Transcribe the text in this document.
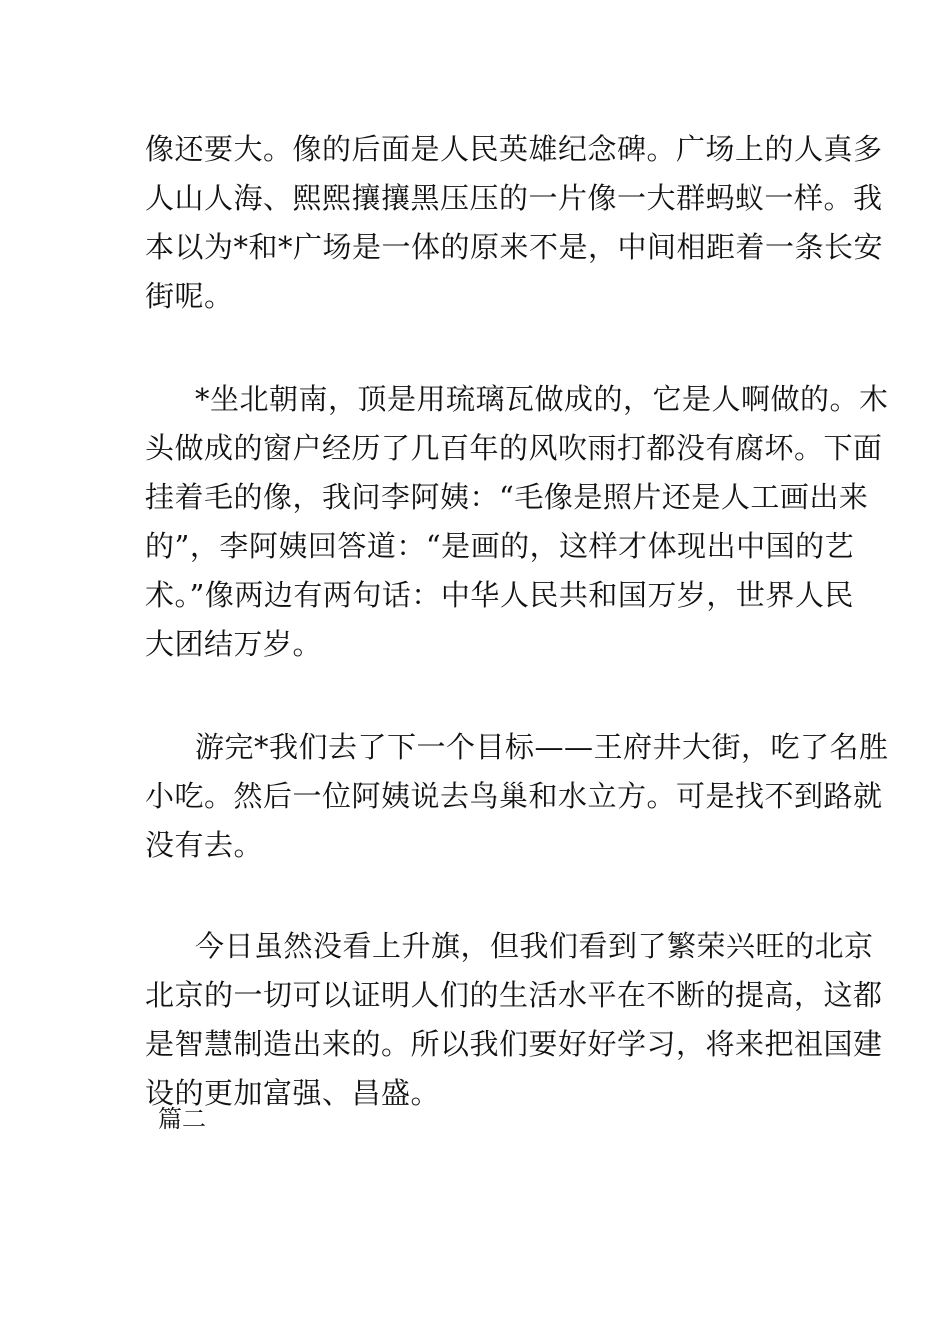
像还要大。像的后面是人民英雄纪念碑。广场上的人真多
人山人海、熙熙攘攘黑压压的一片像一大群蚂蚁一样。我
本以为*和*广场是一体的原来不是，中间相距着一条长安
街呢。
*坐北朝南，顶是用琉璃瓦做成的，它是人啊做的。木
头做成的窗户经历了几百年的风吹雨打都没有腐坏。下面
挂着毛的像，我问李阿姨：“毛像是照片还是人工画出来
的”，李阿姨回答道：“是画的，这样才体现出中国的艺
术。”像两边有两句话：中华人民共和国万岁，世界人民
大团结万岁。
游完*我们去了下一个目标——王府井大街，吃了名胜
小吃。然后一位阿姨说去鸟巢和水立方。可是找不到路就
没有去。
今日虽然没看上升旗，但我们看到了繁荣兴旺的北京
北京的一切可以证明人们的生活水平在不断的提高，这都
是智慧制造出来的。所以我们要好好学习，将来把祖国建
设的更加富强、昌盛。
篇二
